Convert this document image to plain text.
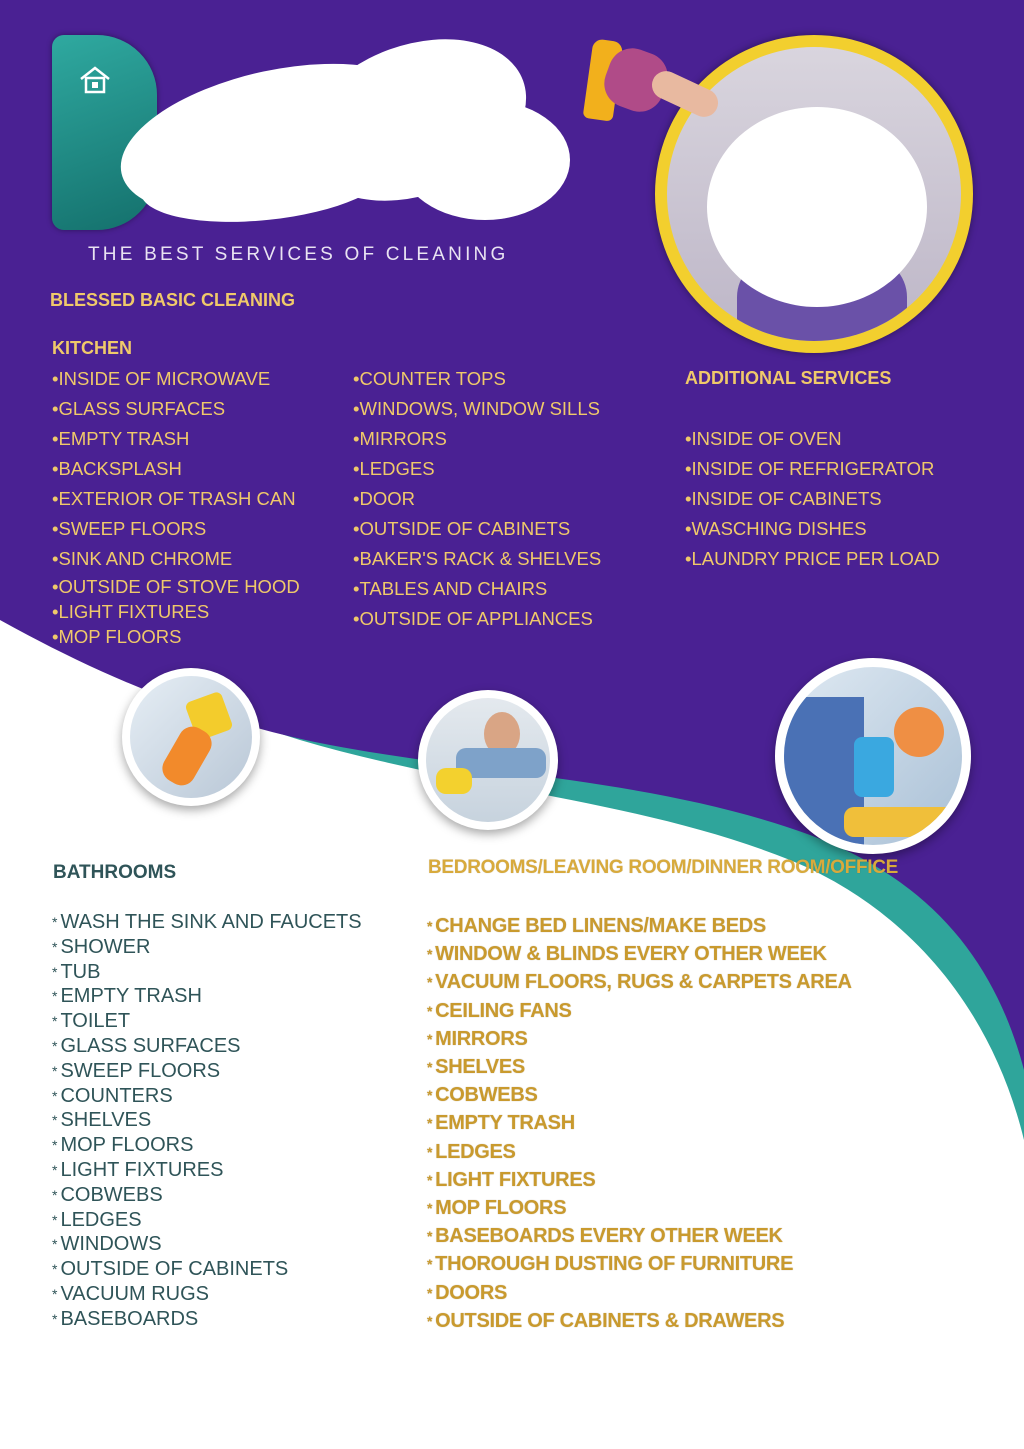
THE BEST SERVICES OF CLEANING
BLESSED BASIC CLEANING
KITCHEN
•INSIDE OF MICROWAVE
•GLASS SURFACES
•EMPTY TRASH
•BACKSPLASH
•EXTERIOR OF TRASH CAN
•SWEEP FLOORS
•SINK AND CHROME
•OUTSIDE OF STOVE HOOD
•LIGHT FIXTURES
•MOP FLOORS
•COUNTER TOPS
•WINDOWS, WINDOW SILLS
•MIRRORS
•LEDGES
•DOOR
•OUTSIDE OF CABINETS
•BAKER'S RACK & SHELVES
•TABLES AND CHAIRS
•OUTSIDE OF APPLIANCES
ADDITIONAL SERVICES
•INSIDE OF OVEN
•INSIDE OF REFRIGERATOR
•INSIDE OF CABINETS
•WASCHING DISHES
•LAUNDRY PRICE PER LOAD
BATHROOMS
* WASH THE SINK AND FAUCETS
* SHOWER
* TUB
* EMPTY TRASH
* TOILET
* GLASS SURFACES
* SWEEP FLOORS
* COUNTERS
* SHELVES
* MOP FLOORS
* LIGHT FIXTURES
* COBWEBS
* LEDGES
* WINDOWS
* OUTSIDE OF CABINETS
* VACUUM RUGS
* BASEBOARDS
BEDROOMS/LEAVING ROOM/DINNER ROOM/OFFICE
* CHANGE BED LINENS/MAKE BEDS
* WINDOW & BLINDS EVERY OTHER WEEK
* VACUUM FLOORS, RUGS & CARPETS AREA
* CEILING FANS
* MIRRORS
* SHELVES
* COBWEBS
* EMPTY TRASH
* LEDGES
* LIGHT FIXTURES
* MOP FLOORS
* BASEBOARDS EVERY OTHER WEEK
* THOROUGH DUSTING OF FURNITURE
* DOORS
* OUTSIDE OF CABINETS & DRAWERS
